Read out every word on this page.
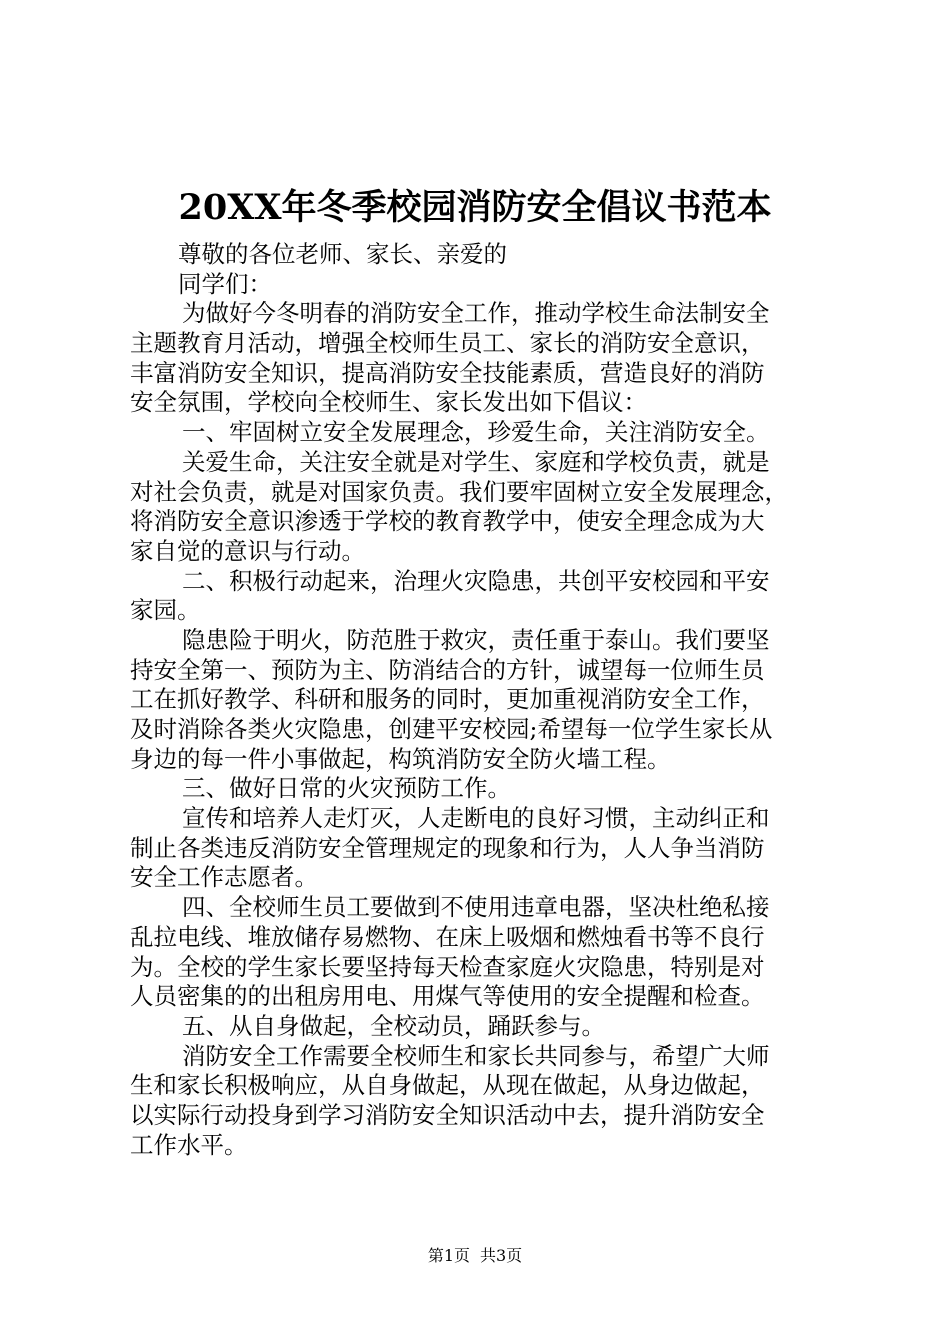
20XX年冬季校园消防安全倡议书范本
尊敬的各位老师、家长、亲爱的
同学们：
为做好今冬明春的消防安全工作，推动学校生命法制安全
主题教育月活动，增强全校师生员工、家长的消防安全意识，
丰富消防安全知识，提高消防安全技能素质，营造良好的消防
安全氛围，学校向全校师生、家长发出如下倡议：
一、牢固树立安全发展理念，珍爱生命，关注消防安全。
关爱生命，关注安全就是对学生、家庭和学校负责，就是
对社会负责，就是对国家负责。我们要牢固树立安全发展理念，
将消防安全意识渗透于学校的教育教学中，使安全理念成为大
家自觉的意识与行动。
二、积极行动起来，治理火灾隐患，共创平安校园和平安
家园。
隐患险于明火，防范胜于救灾，责任重于泰山。我们要坚
持安全第一、预防为主、防消结合的方针，诚望每一位师生员
工在抓好教学、科研和服务的同时，更加重视消防安全工作，
及时消除各类火灾隐患，创建平安校园;希望每一位学生家长从
身边的每一件小事做起，构筑消防安全防火墙工程。
三、做好日常的火灾预防工作。
宣传和培养人走灯灭，人走断电的良好习惯，主动纠正和
制止各类违反消防安全管理规定的现象和行为，人人争当消防
安全工作志愿者。
四、全校师生员工要做到不使用违章电器，坚决杜绝私接
乱拉电线、堆放储存易燃物、在床上吸烟和燃烛看书等不良行
为。全校的学生家长要坚持每天检查家庭火灾隐患，特别是对
人员密集的的出租房用电、用煤气等使用的安全提醒和检查。
五、从自身做起，全校动员，踊跃参与。
消防安全工作需要全校师生和家长共同参与，希望广大师
生和家长积极响应，从自身做起，从现在做起，从身边做起，
以实际行动投身到学习消防安全知识活动中去，提升消防安全
工作水平。
第1页 共3页
